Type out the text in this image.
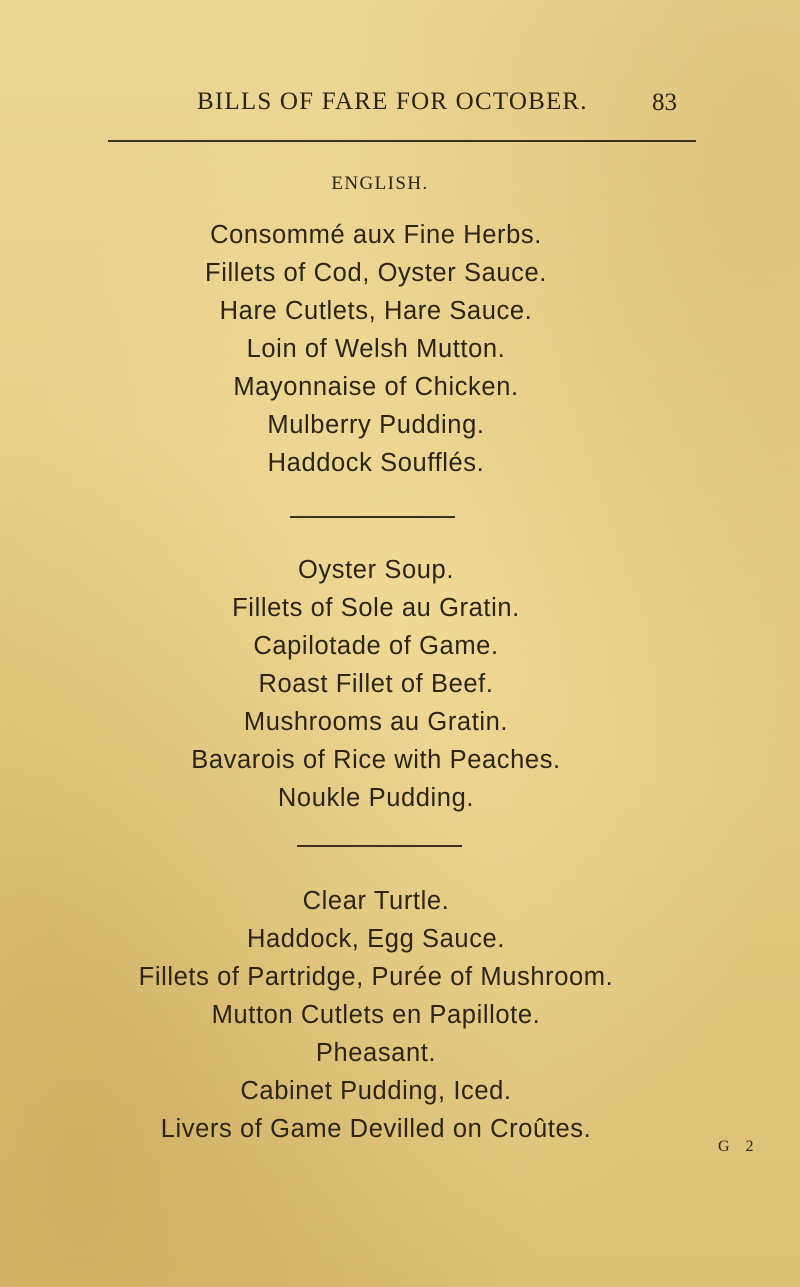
BILLS OF FARE FOR OCTOBER.	83
ENGLISH.
Consommé aux Fine Herbs.
Fillets of Cod, Oyster Sauce.
Hare Cutlets, Hare Sauce.
Loin of Welsh Mutton.
Mayonnaise of Chicken.
Mulberry Pudding.
Haddock Soufflés.
Oyster Soup.
Fillets of Sole au Gratin.
Capilotade of Game.
Roast Fillet of Beef.
Mushrooms au Gratin.
Bavarois of Rice with Peaches.
Noukle Pudding.
Clear Turtle.
Haddock, Egg Sauce.
Fillets of Partridge, Purée of Mushroom.
Mutton Cutlets en Papillote.
Pheasant.
Cabinet Pudding, Iced.
Livers of Game Devilled on Croûtes.
G 2
